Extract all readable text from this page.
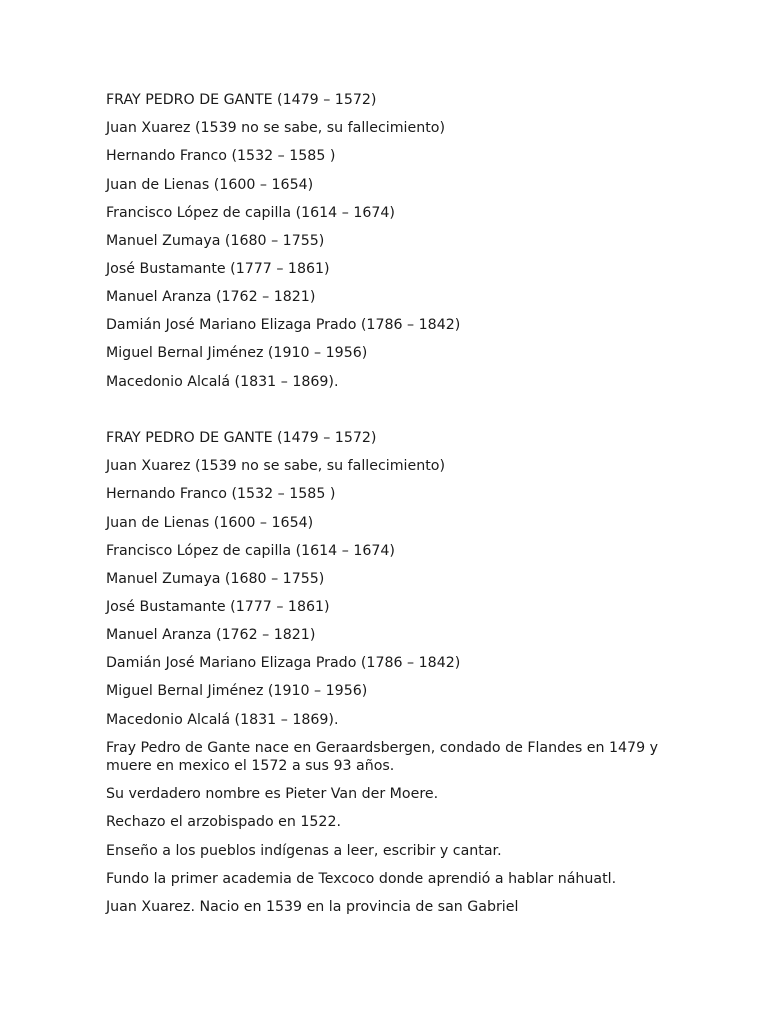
FRAY PEDRO DE GANTE (1479 – 1572)
Juan Xuarez (1539 no se sabe, su fallecimiento)
Hernando Franco (1532 – 1585 )
Juan de Lienas (1600 – 1654)
Francisco López de capilla (1614 – 1674)
Manuel Zumaya (1680 – 1755)
José Bustamante (1777 – 1861)
Manuel Aranza (1762 – 1821)
Damián José Mariano Elizaga Prado (1786 – 1842)
Miguel Bernal Jiménez (1910 – 1956)
Macedonio Alcalá (1831 – 1869).
FRAY PEDRO DE GANTE (1479 – 1572)
Juan Xuarez (1539 no se sabe, su fallecimiento)
Hernando Franco (1532 – 1585 )
Juan de Lienas (1600 – 1654)
Francisco López de capilla (1614 – 1674)
Manuel Zumaya (1680 – 1755)
José Bustamante (1777 – 1861)
Manuel Aranza (1762 – 1821)
Damián José Mariano Elizaga Prado (1786 – 1842)
Miguel Bernal Jiménez (1910 – 1956)
Macedonio Alcalá (1831 – 1869).
Fray Pedro de Gante nace en Geraardsbergen, condado de Flandes en 1479 y muere en mexico el 1572 a sus 93 años.
Su verdadero nombre es Pieter Van der Moere.
Rechazo el arzobispado en 1522.
Enseño a los pueblos indígenas a leer, escribir y cantar.
Fundo la primer academia de Texcoco donde aprendió a hablar náhuatl.
Juan Xuarez. Nacio en 1539 en la provincia de san Gabriel
